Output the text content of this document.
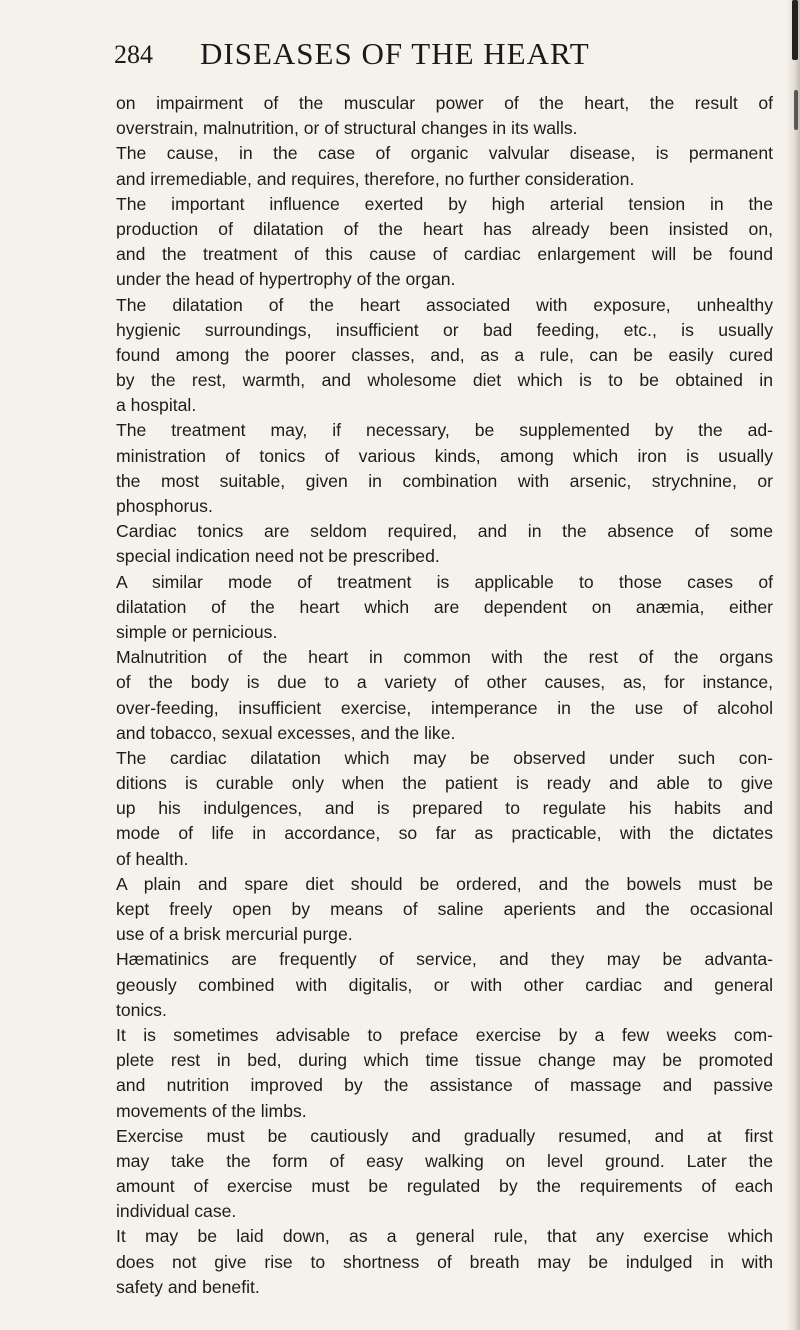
284 DISEASES OF THE HEART
on impairment of the muscular power of the heart, the result of
overstrain, malnutrition, or of structural changes in its walls.
The cause, in the case of organic valvular disease, is permanent
and irremediable, and requires, therefore, no further consideration.
The important influence exerted by high arterial tension in the
production of dilatation of the heart has already been insisted on,
and the treatment of this cause of cardiac enlargement will be found
under the head of hypertrophy of the organ.
The dilatation of the heart associated with exposure, unhealthy
hygienic surroundings, insufficient or bad feeding, etc., is usually
found among the poorer classes, and, as a rule, can be easily cured
by the rest, warmth, and wholesome diet which is to be obtained in
a hospital.
The treatment may, if necessary, be supplemented by the ad-
ministration of tonics of various kinds, among which iron is usually
the most suitable, given in combination with arsenic, strychnine, or
phosphorus.
Cardiac tonics are seldom required, and in the absence of some
special indication need not be prescribed.
A similar mode of treatment is applicable to those cases of
dilatation of the heart which are dependent on anæmia, either
simple or pernicious.
Malnutrition of the heart in common with the rest of the organs
of the body is due to a variety of other causes, as, for instance,
over-feeding, insufficient exercise, intemperance in the use of alcohol
and tobacco, sexual excesses, and the like.
The cardiac dilatation which may be observed under such con-
ditions is curable only when the patient is ready and able to give
up his indulgences, and is prepared to regulate his habits and
mode of life in accordance, so far as practicable, with the dictates
of health.
A plain and spare diet should be ordered, and the bowels must be
kept freely open by means of saline aperients and the occasional
use of a brisk mercurial purge.
Hæmatinics are frequently of service, and they may be advanta-
geously combined with digitalis, or with other cardiac and general
tonics.
It is sometimes advisable to preface exercise by a few weeks com-
plete rest in bed, during which time tissue change may be promoted
and nutrition improved by the assistance of massage and passive
movements of the limbs.
Exercise must be cautiously and gradually resumed, and at first
may take the form of easy walking on level ground. Later the
amount of exercise must be regulated by the requirements of each
individual case.
It may be laid down, as a general rule, that any exercise which
does not give rise to shortness of breath may be indulged in with
safety and benefit.
